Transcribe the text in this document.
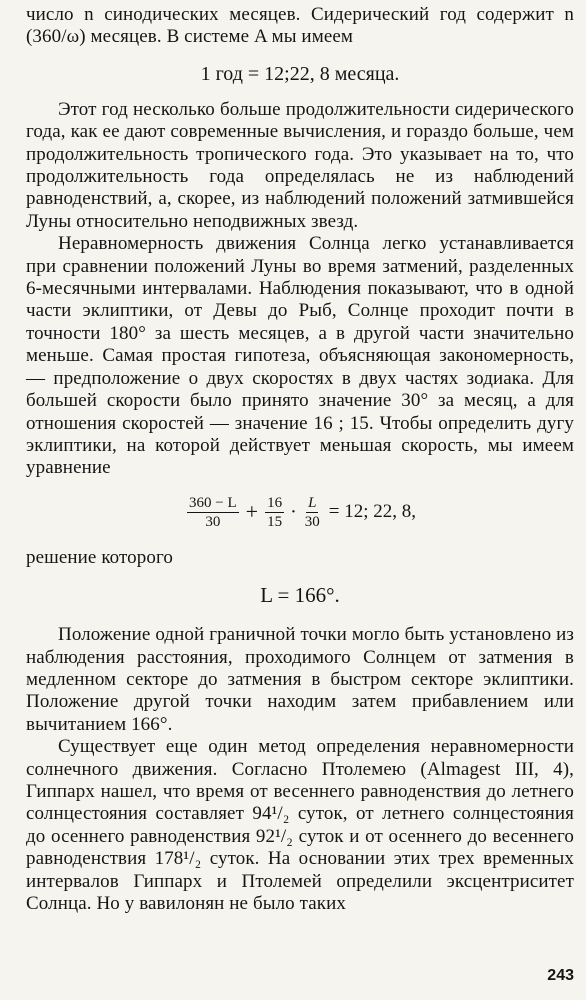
число n синодических месяцев. Сидерический год содержит n (360/ω) месяцев. В системе A мы имеем

1 год = 12;22, 8 месяца.

Этот год несколько больше продолжительности сидерического года, как ее дают современные вычисления, и гораздо больше, чем продолжительность тропического года. Это указывает на то, что продолжительность года определялась не из наблюдений равноденствий, а, скорее, из наблюдений положений затмившейся Луны относительно неподвижных звезд.

Неравномерность движения Солнца легко устанавливается при сравнении положений Луны во время затмений, разделенных 6-месячными интервалами. Наблюдения показывают, что в одной части эклиптики, от Девы до Рыб, Солнце проходит почти в точности 180° за шесть месяцев, а в другой части значительно меньше. Самая простая гипотеза, объясняющая закономерность,— предположение о двух скоростях в двух частях зодиака. Для большей скорости было принято значение 30° за месяц, а для отношения скоростей — значение 16 ; 15. Чтобы определить дугу эклиптики, на которой действует меньшая скорость, мы имеем уравнение

$\frac{360 - L}{30} + \frac{16}{15} \cdot \frac{L}{30} = 12$; 22, 8,

решение которого

L = 166°.

Положение одной граничной точки могло быть установлено из наблюдения расстояния, проходимого Солнцем от затмения в медленном секторе до затмения в быстром секторе эклиптики. Положение другой точки находим затем прибавлением или вычитанием 166°.

Существует еще один метод определения неравномерности солнечного движения. Согласно Птолемею (Almagest III, 4), Гиппарх нашел, что время от весеннего равноденствия до летнего солнцестояния составляет 94¹/₂ суток, от летнего солнцестояния до осеннего равноденствия 92¹/₂ суток и от осеннего до весеннего равноденствия 178¹/₂ суток. На основании этих трех временных интервалов Гиппарх и Птолемей определили эксцентриситет Солнца. Но у вавилонян не было таких

243
